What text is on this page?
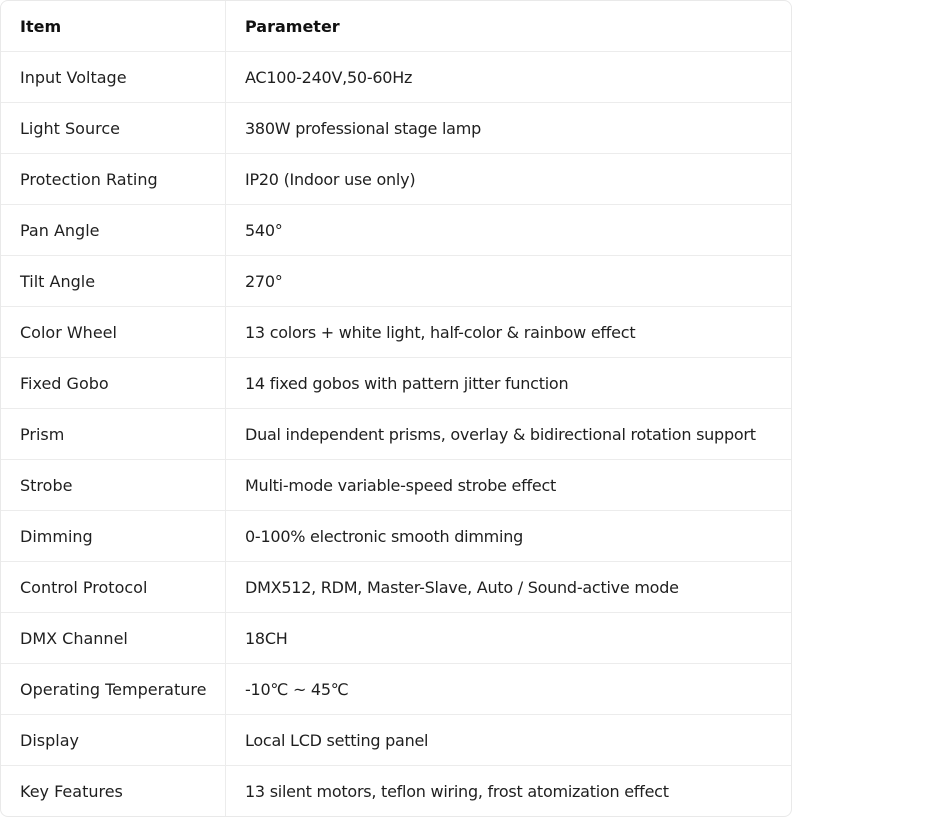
Item	Parameter
Input Voltage	AC100-240V,50-60Hz
Light Source	380W professional stage lamp
Protection Rating	IP20 (Indoor use only)
Pan Angle	540°
Tilt Angle	270°
Color Wheel	13 colors + white light, half-color & rainbow effect
Fixed Gobo	14 fixed gobos with pattern jitter function
Prism	Dual independent prisms, overlay & bidirectional rotation support
Strobe	Multi-mode variable-speed strobe effect
Dimming	0-100% electronic smooth dimming
Control Protocol	DMX512, RDM, Master-Slave, Auto / Sound-active mode
DMX Channel	18CH
Operating Temperature	-10℃ ~ 45℃
Display	Local LCD setting panel
Key Features	13 silent motors, teflon wiring, frost atomization effect
